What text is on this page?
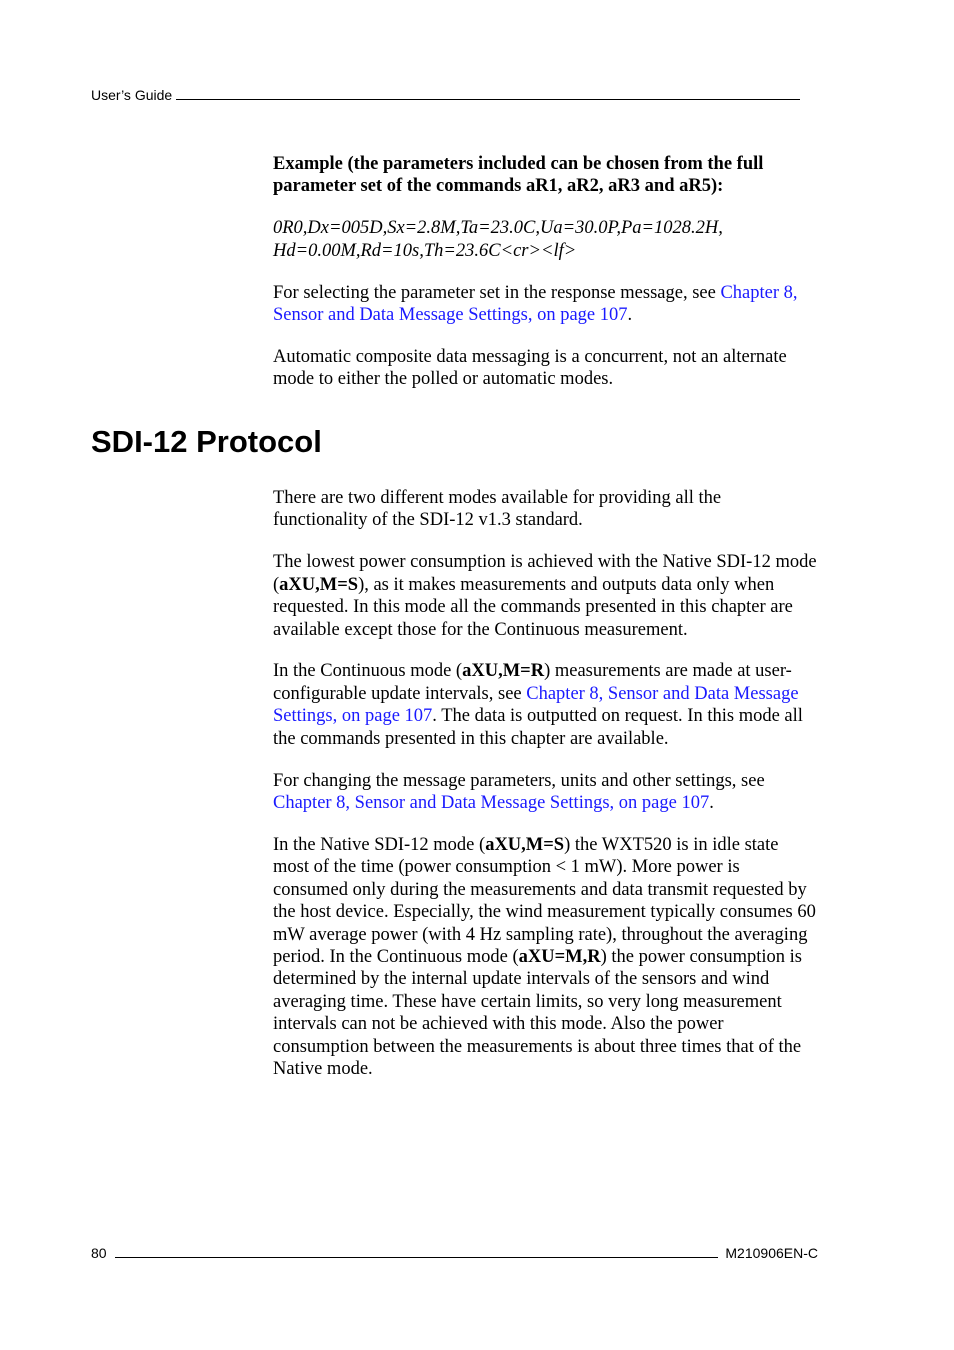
User’s Guide

Example (the parameters included can be chosen from the full parameter set of the commands aR1, aR2, aR3 and aR5):

0R0,Dx=005D,Sx=2.8M,Ta=23.0C,Ua=30.0P,Pa=1028.2H,
Hd=0.00M,Rd=10s,Th=23.6C<cr><lf>

For selecting the parameter set in the response message, see Chapter 8, Sensor and Data Message Settings, on page 107.

Automatic composite data messaging is a concurrent, not an alternate mode to either the polled or automatic modes.

SDI-12 Protocol

There are two different modes available for providing all the functionality of the SDI-12 v1.3 standard.

The lowest power consumption is achieved with the Native SDI-12 mode (aXU,M=S), as it makes measurements and outputs data only when requested. In this mode all the commands presented in this chapter are available except those for the Continuous measurement.

In the Continuous mode (aXU,M=R) measurements are made at user-configurable update intervals, see Chapter 8, Sensor and Data Message Settings, on page 107. The data is outputted on request. In this mode all the commands presented in this chapter are available.

For changing the message parameters, units and other settings, see Chapter 8, Sensor and Data Message Settings, on page 107.

In the Native SDI-12 mode (aXU,M=S) the WXT520 is in idle state most of the time (power consumption < 1 mW). More power is consumed only during the measurements and data transmit requested by the host device. Especially, the wind measurement typically consumes 60 mW average power (with 4 Hz sampling rate), throughout the averaging period. In the Continuous mode (aXU=M,R) the power consumption is determined by the internal update intervals of the sensors and wind averaging time. These have certain limits, so very long measurement intervals can not be achieved with this mode. Also the power consumption between the measurements is about three times that of the Native mode.

80	M210906EN-C
